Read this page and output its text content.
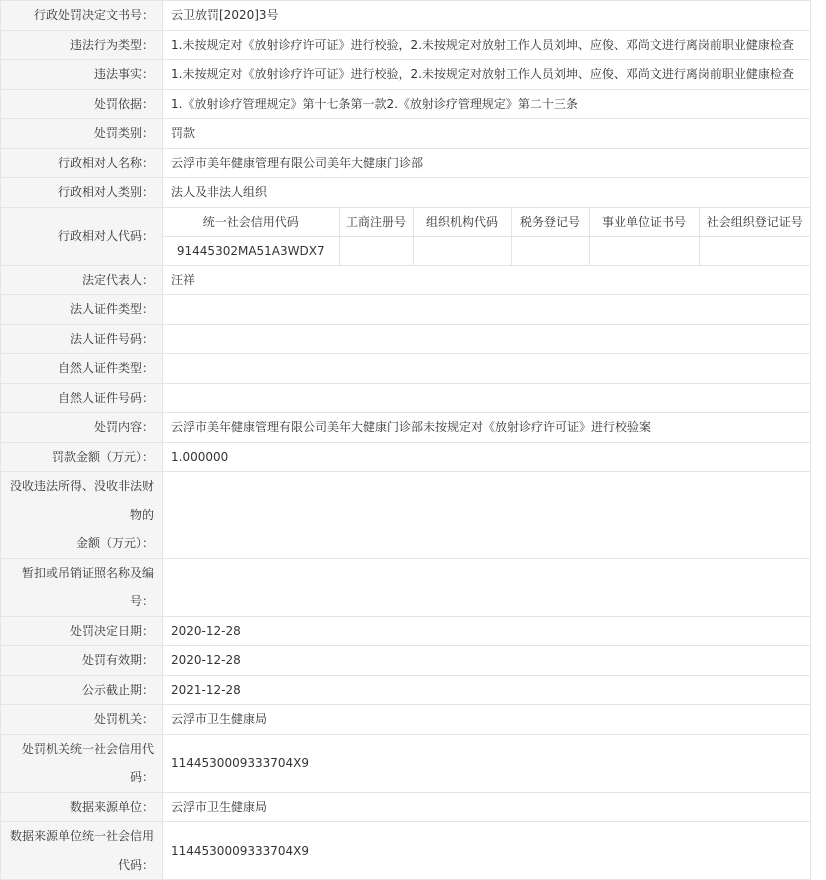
行政处罚决定文书号：	云卫放罚[2020]3号
违法行为类型：	1.未按规定对《放射诊疗许可证》进行校验，2.未按规定对放射工作人员刘坤、应俊、邓尚文进行离岗前职业健康检查
违法事实：	1.未按规定对《放射诊疗许可证》进行校验，2.未按规定对放射工作人员刘坤、应俊、邓尚文进行离岗前职业健康检查
处罚依据：	1.《放射诊疗管理规定》第十七条第一款2.《放射诊疗管理规定》第二十三条
处罚类别：	罚款
行政相对人名称：	云浮市美年健康管理有限公司美年大健康门诊部
行政相对人类别：	法人及非法人组织
行政相对人代码：	
统一社会信用代码	工商注册号	组织机构代码	税务登记号	事业单位证书号	社会组织登记证号
91445302MA51A3WDX7					

法定代表人：	汪祥
法人证件类型：	
法人证件号码：	
自然人证件类型：	
自然人证件号码：	
处罚内容：	云浮市美年健康管理有限公司美年大健康门诊部未按规定对《放射诊疗许可证》进行校验案
罚款金额（万元）：	1.000000

没收违法所得、没收非法财
物的
金额（万元）：

暂扣或吊销证照名称及编
号：

处罚决定日期：	2020-12-28
处罚有效期：	2020-12-28
公示截止期：	2021-12-28
处罚机关：	云浮市卫生健康局

处罚机关统一社会信用代
码：
	11445300093337​04X9
数据来源单位：	云浮市卫生健康局

数据来源单位统一社会信用
代码：
	11445300093337​04X9
